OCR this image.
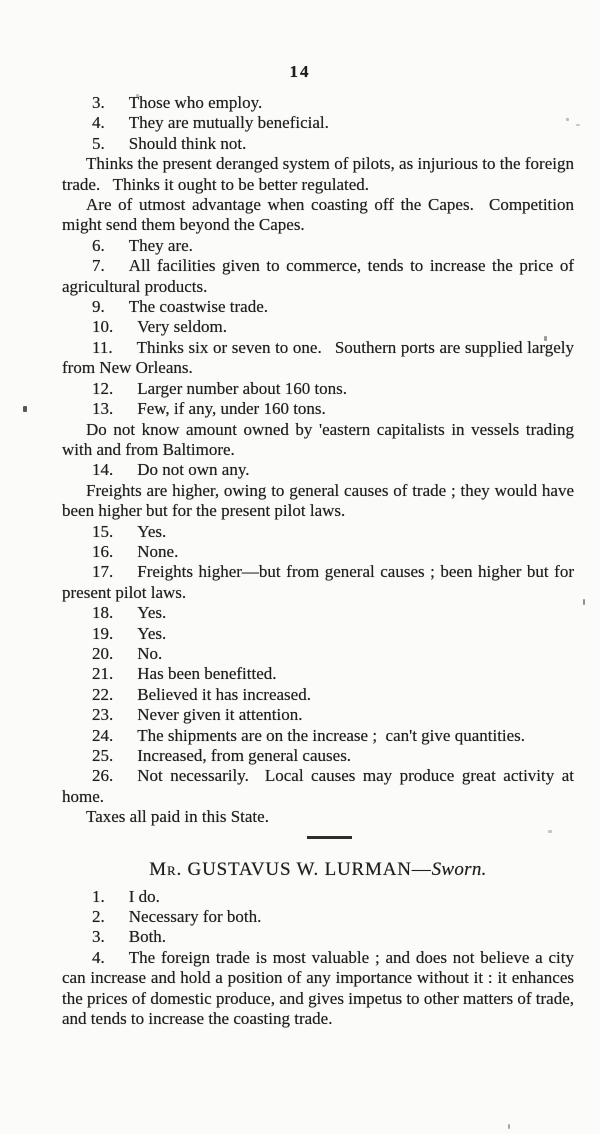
14

3. Those who employ.

4. They are mutually beneficial.

5. Should think not.

Thinks the present deranged system of pilots, as injurious to the foreign trade.  Thinks it ought to be better regulated.

Are of utmost advantage when coasting off the Capes.  Competition might send them beyond the Capes.

6. They are.

7. All facilities given to commerce, tends to increase the price of agricultural products.

9. The coastwise trade.

10. Very seldom.

11. Thinks six or seven to one.  Southern ports are supplied largely from New Orleans.

12. Larger number about 160 tons.

13. Few, if any, under 160 tons.

Do not know amount owned by 'eastern capitalists in vessels trading with and from Baltimore.

14. Do not own any.

Freights are higher, owing to general causes of trade ; they would have been higher but for the present pilot laws.

15. Yes.

16. None.

17. Freights higher—but from general causes ; been higher but for present pilot laws.

18. Yes.

19. Yes.

20. No.

21. Has been benefitted.

22. Believed it has increased.

23. Never given it attention.

24. The shipments are on the increase ; can't give quantities.

25. Increased, from general causes.

26. Not necessarily.  Local causes may produce great activity at home.

Taxes all paid in this State.

Mr. GUSTAVUS W. LURMAN—Sworn.

1. I do.

2. Necessary for both.

3. Both.

4. The foreign trade is most valuable ; and does not believe a city can increase and hold a position of any importance without it : it enhances the prices of domestic produce, and gives impetus to other matters of trade, and tends to increase the coasting trade.
